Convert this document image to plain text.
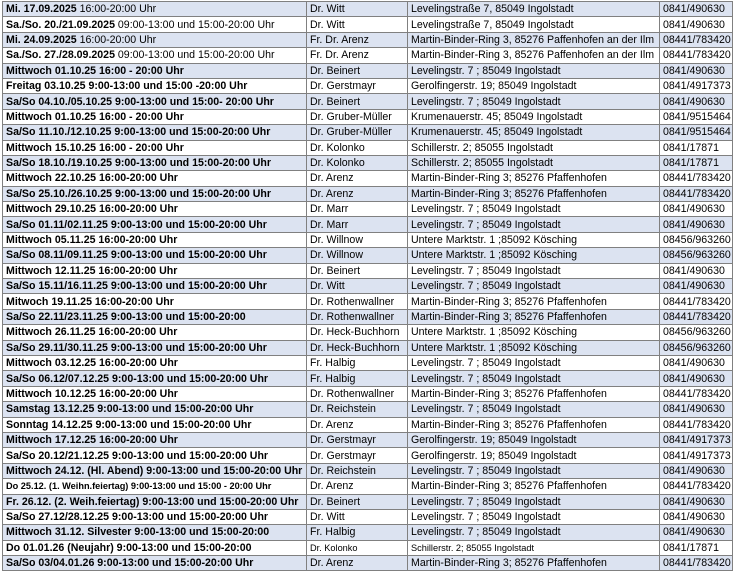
Mi. 17.09.2025 16:00-20:00 Uhr	Dr. Witt	Levelingstraße 7, 85049 Ingolstadt	0841/490630
Sa./So. 20./21.09.2025 09:00-13:00 und 15:00-20:00 Uhr	Dr. Witt	Levelingstraße 7, 85049 Ingolstadt	0841/490630
Mi. 24.09.2025 16:00-20:00 Uhr	Fr. Dr. Arenz	Martin-Binder-Ring 3, 85276 Paffenhofen an der Ilm	08441/783420
Sa./So. 27./28.09.2025 09:00-13:00 und 15:00-20:00 Uhr	Fr. Dr. Arenz	Martin-Binder-Ring 3, 85276 Paffenhofen an der Ilm	08441/783420
Mittwoch 01.10.25 16:00 - 20:00 Uhr	Dr. Beinert	Levelingstr. 7 ; 85049 Ingolstadt	0841/490630
Freitag 03.10.25 9:00-13:00 und 15:00 -20:00 Uhr	Dr. Gerstmayr	Gerolfingerstr. 19; 85049 Ingolstadt	0841/4917373
Sa/So 04.10./05.10.25 9:00-13:00 und 15:00- 20:00 Uhr	Dr. Beinert	Levelingstr. 7 ; 85049 Ingolstadt	0841/490630
Mittwoch 01.10.25 16:00 - 20:00 Uhr	Dr. Gruber-Müller	Krumenauerstr. 45; 85049 Ingolstadt	0841/9515464
Sa/So 11.10./12.10.25 9:00-13:00 und 15:00-20:00 Uhr	Dr. Gruber-Müller	Krumenauerstr. 45; 85049 Ingolstadt	0841/9515464
Mittwoch 15.10.25 16:00 - 20:00 Uhr	Dr. Kolonko	Schillerstr. 2; 85055 Ingolstadt	0841/17871
Sa/So 18.10./19.10.25 9:00-13:00 und 15:00-20:00 Uhr	Dr. Kolonko	Schillerstr. 2; 85055 Ingolstadt	0841/17871
Mittwoch 22.10.25 16:00-20:00 Uhr	Dr. Arenz	Martin-Binder-Ring 3; 85276 Pfaffenhofen	08441/783420
Sa/So 25.10./26.10.25 9:00-13:00 und 15:00-20:00 Uhr	Dr. Arenz	Martin-Binder-Ring 3; 85276 Pfaffenhofen	08441/783420
Mittwoch 29.10.25 16:00-20:00 Uhr	Dr. Marr	Levelingstr. 7 ; 85049 Ingolstadt	0841/490630
Sa/So 01.11/02.11.25 9:00-13:00 und 15:00-20:00 Uhr	Dr. Marr	Levelingstr. 7 ; 85049 Ingolstadt	0841/490630
Mittwoch 05.11.25 16:00-20:00 Uhr	Dr. Willnow	Untere Marktstr. 1 ;85092 Kösching	08456/963260
Sa/So 08.11/09.11.25 9:00-13:00 und 15:00-20:00 Uhr	Dr. Willnow	Untere Marktstr. 1 ;85092 Kösching	08456/963260
Mittwoch 12.11.25 16:00-20:00 Uhr	Dr. Beinert	Levelingstr. 7 ; 85049 Ingolstadt	0841/490630
Sa/So 15.11/16.11.25 9:00-13:00 und 15:00-20:00 Uhr	Dr. Witt	Levelingstr. 7 ; 85049 Ingolstadt	0841/490630
Mitwoch 19.11.25 16:00-20:00 Uhr	Dr. Rothenwallner	Martin-Binder-Ring 3; 85276 Pfaffenhofen	08441/783420
Sa/So 22.11/23.11.25 9:00-13:00 und 15:00-20:00	Dr. Rothenwallner	Martin-Binder-Ring 3; 85276 Pfaffenhofen	08441/783420
Mittwoch 26.11.25 16:00-20:00 Uhr	Dr. Heck-Buchhorn	Untere Marktstr. 1 ;85092 Kösching	08456/963260
Sa/So 29.11/30.11.25 9:00-13:00 und 15:00-20:00 Uhr	Dr. Heck-Buchhorn	Untere Marktstr. 1 ;85092 Kösching	08456/963260
Mittwoch 03.12.25 16:00-20:00 Uhr	Fr. Halbig	Levelingstr. 7 ; 85049 Ingolstadt	0841/490630
Sa/So 06.12/07.12.25 9:00-13:00 und 15:00-20:00 Uhr	Fr. Halbig	Levelingstr. 7 ; 85049 Ingolstadt	0841/490630
Mittwoch 10.12.25 16:00-20:00 Uhr	Dr. Rothenwallner	Martin-Binder-Ring 3; 85276 Pfaffenhofen	08441/783420
Samstag 13.12.25 9:00-13:00 und 15:00-20:00 Uhr	Dr. Reichstein	Levelingstr. 7 ; 85049 Ingolstadt	0841/490630
Sonntag 14.12.25 9:00-13:00 und 15:00-20:00 Uhr	Dr. Arenz	Martin-Binder-Ring 3; 85276 Pfaffenhofen	08441/783420
Mittwoch 17.12.25 16:00-20:00 Uhr	Dr. Gerstmayr	Gerolfingerstr. 19; 85049 Ingolstadt	0841/4917373
Sa/So 20.12/21.12.25 9:00-13:00 und 15:00-20:00 Uhr	Dr. Gerstmayr	Gerolfingerstr. 19; 85049 Ingolstadt	0841/4917373
Mittwoch 24.12. (Hl. Abend) 9:00-13:00 und 15:00-20:00 Uhr	Dr. Reichstein	Levelingstr. 7 ; 85049 Ingolstadt	0841/490630
Do 25.12. (1. Weihn.feiertag) 9:00-13:00 und 15:00 - 20:00 Uhr	Dr. Arenz	Martin-Binder-Ring 3; 85276 Pfaffenhofen	08441/783420
Fr. 26.12. (2. Weih.feiertag) 9:00-13:00 und 15:00-20:00 Uhr	Dr. Beinert	Levelingstr. 7 ; 85049 Ingolstadt	0841/490630
Sa/So 27.12/28.12.25 9:00-13:00 und 15:00-20:00 Uhr	Dr. Witt	Levelingstr. 7 ; 85049 Ingolstadt	0841/490630
Mittwoch 31.12. Silvester 9:00-13:00 und 15:00-20:00	Fr. Halbig	Levelingstr. 7 ; 85049 Ingolstadt	0841/490630
Do 01.01.26 (Neujahr) 9:00-13:00 und 15:00-20:00	Dr. Kolonko	Schillerstr. 2; 85055 Ingolstadt	0841/17871
Sa/So 03/04.01.26 9:00-13:00 und 15:00-20:00 Uhr	Dr. Arenz	Martin-Binder-Ring 3; 85276 Pfaffenhofen	08441/783420
